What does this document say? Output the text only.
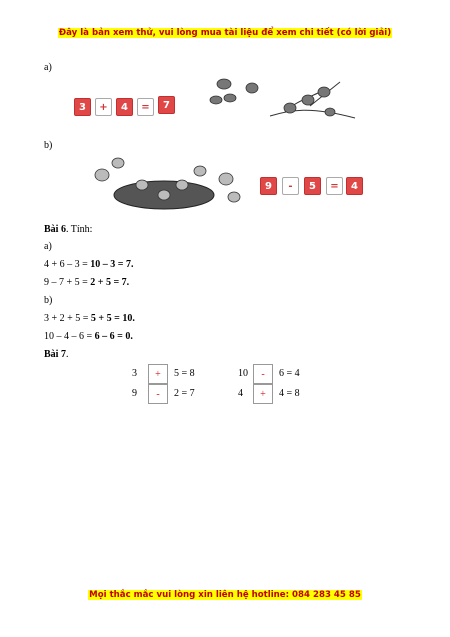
Đây là bản xem thử, vui lòng mua tài liệu để xem chi tiết (có lời giải)
a)
3	+	4	=	7
b)
9	-	5	=	4
Bài 6. Tính:
a)
4 + 6 – 3 = 10 – 3 = 7.
9 – 7 + 5 = 2 + 5 = 7.
b)
3 + 2 + 5 = 5 + 5 = 10.
10 – 4 – 6 = 6 – 6 = 0.
Bài 7.
3	+	5 = 8	10	-	6 = 4
9	-	2 = 7	4	+	4 = 8
Mọi thắc mắc vui lòng xin liên hệ hotline: 084 283 45 85
